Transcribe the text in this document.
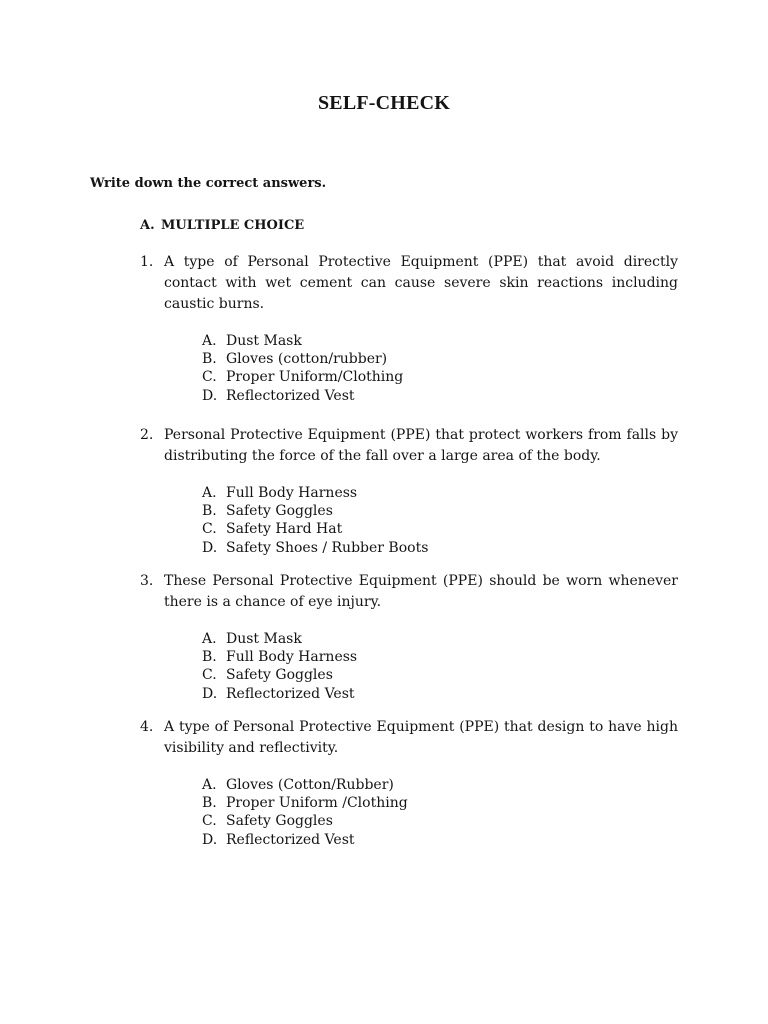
SELF-CHECK
Write down the correct answers.
A. MULTIPLE CHOICE
1. A type of Personal Protective Equipment (PPE) that avoid directly contact with wet cement can cause severe skin reactions including caustic burns.
A. Dust Mask
B. Gloves (cotton/rubber)
C. Proper Uniform/Clothing
D. Reflectorized Vest
2. Personal Protective Equipment (PPE) that protect workers from falls by distributing the force of the fall over a large area of the body.
A. Full Body Harness
B. Safety Goggles
C. Safety Hard Hat
D. Safety Shoes / Rubber Boots
3. These Personal Protective Equipment (PPE) should be worn whenever there is a chance of eye injury.
A. Dust Mask
B. Full Body Harness
C. Safety Goggles
D. Reflectorized Vest
4. A type of Personal Protective Equipment (PPE) that design to have high visibility and reflectivity.
A. Gloves (Cotton/Rubber)
B. Proper Uniform /Clothing
C. Safety Goggles
D. Reflectorized Vest
